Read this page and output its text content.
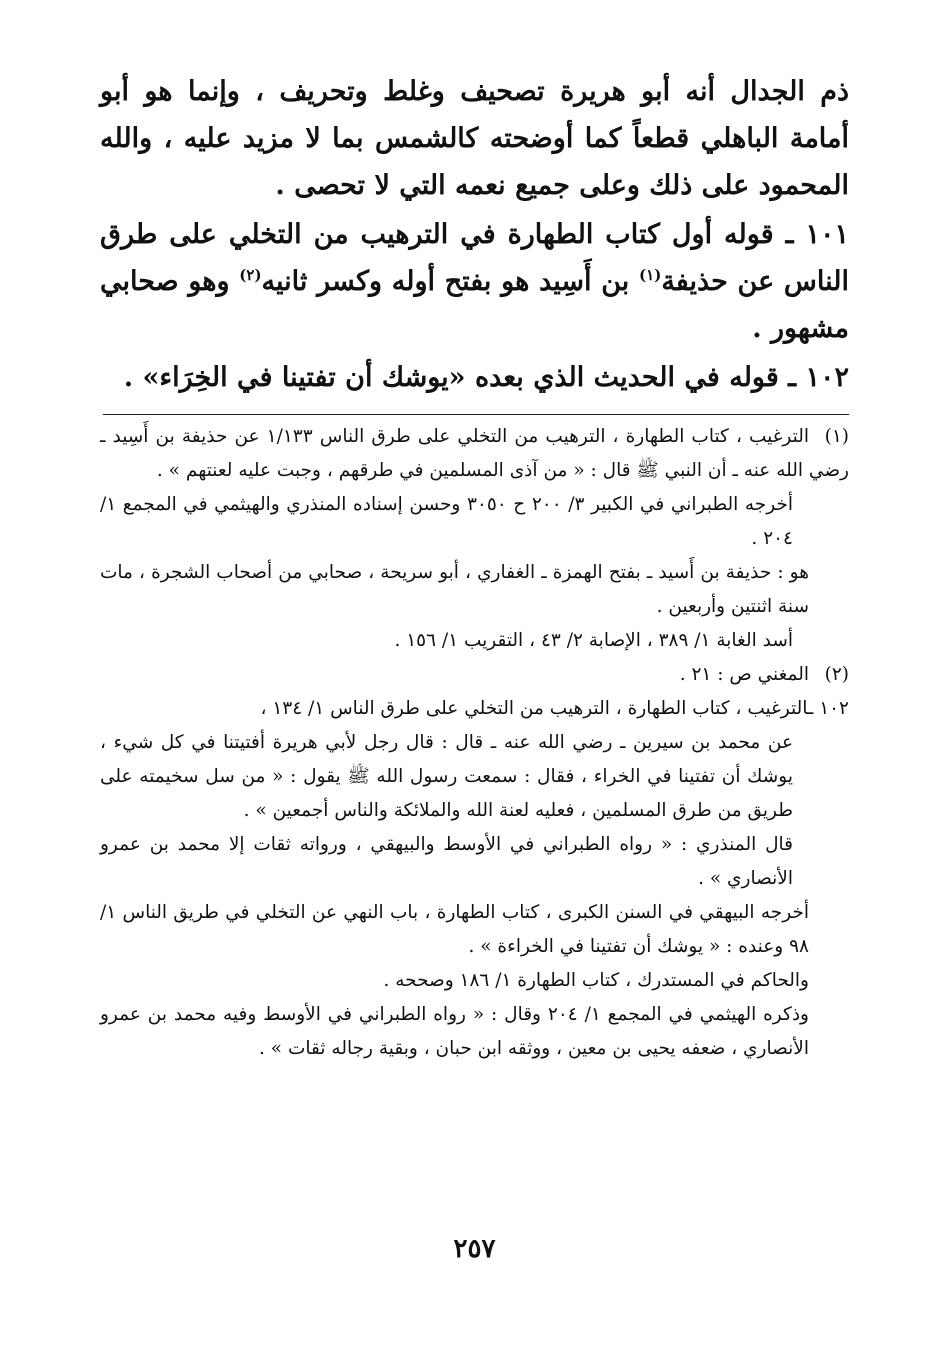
ذم الجدال أنه أبو هريرة تصحيف وغلط وتحريف ، وإنما هو أبو أمامة الباهلي قطعاً كما أوضحته كالشمس بما لا مزيد عليه ، والله المحمود على ذلك وعلى جميع نعمه التي لا تحصى .

١٠١ ـ قوله أول كتاب الطهارة في الترهيب من التخلي على طرق الناس عن حذيفة$^{(١)}$ بن أَسِيد هو بفتح أوله وكسر ثانيه$^{(٢)}$ وهو صحابي مشهور .

١٠٢ ـ قوله في الحديث الذي بعده «يوشك أن تفتينا في الخِرَاء» .

(١)الترغيب ، كتاب الطهارة ، الترهيب من التخلي على طرق الناس ١/١٣٣ عن حذيفة بن أَسِيد ـ رضي الله عنه ـ أن النبي ﷺ قال : « من آذى المسلمين في طرقهم ، وجبت عليه لعنتهم » .

أخرجه الطبراني في الكبير ٣/ ٢٠٠ ح ٣٠٥٠ وحسن إسناده المنذري والهيثمي في المجمع ١/ ٢٠٤ .

هو : حذيفة بن أَسيد ـ بفتح الهمزة ـ الغفاري ، أبو سريحة ، صحابي من أصحاب الشجرة ، مات سنة اثنتين وأربعين .

أسد الغابة ١/ ٣٨٩ ، الإصابة ٢/ ٤٣ ، التقريب ١/ ١٥٦ .

(٢)المغني ص : ٢١ .

١٠٢ ـالترغيب ، كتاب الطهارة ، الترهيب من التخلي على طرق الناس ١/ ١٣٤ ،

عن محمد بن سيرين ـ رضي الله عنه ـ قال : قال رجل لأبي هريرة أفتيتنا في كل شيء ، يوشك أن تفتينا في الخراء ، فقال : سمعت رسول الله ﷺ يقول : « من سل سخيمته على طريق من طرق المسلمين ، فعليه لعنة الله والملائكة والناس أجمعين » .

قال المنذري : « رواه الطبراني في الأوسط والبيهقي ، ورواته ثقات إلا محمد بن عمرو الأنصاري » .

أخرجه البيهقي في السنن الكبرى ، كتاب الطهارة ، باب النهي عن التخلي في طريق الناس ١/ ٩٨ وعنده : « يوشك أن تفتينا في الخراءة » .

والحاكم في المستدرك ، كتاب الطهارة ١/ ١٨٦ وصححه .

وذكره الهيثمي في المجمع ١/ ٢٠٤ وقال : « رواه الطبراني في الأوسط وفيه محمد بن عمرو الأنصاري ، ضعفه يحيى بن معين ، ووثقه ابن حبان ، وبقية رجاله ثقات » .

٢٥٧
